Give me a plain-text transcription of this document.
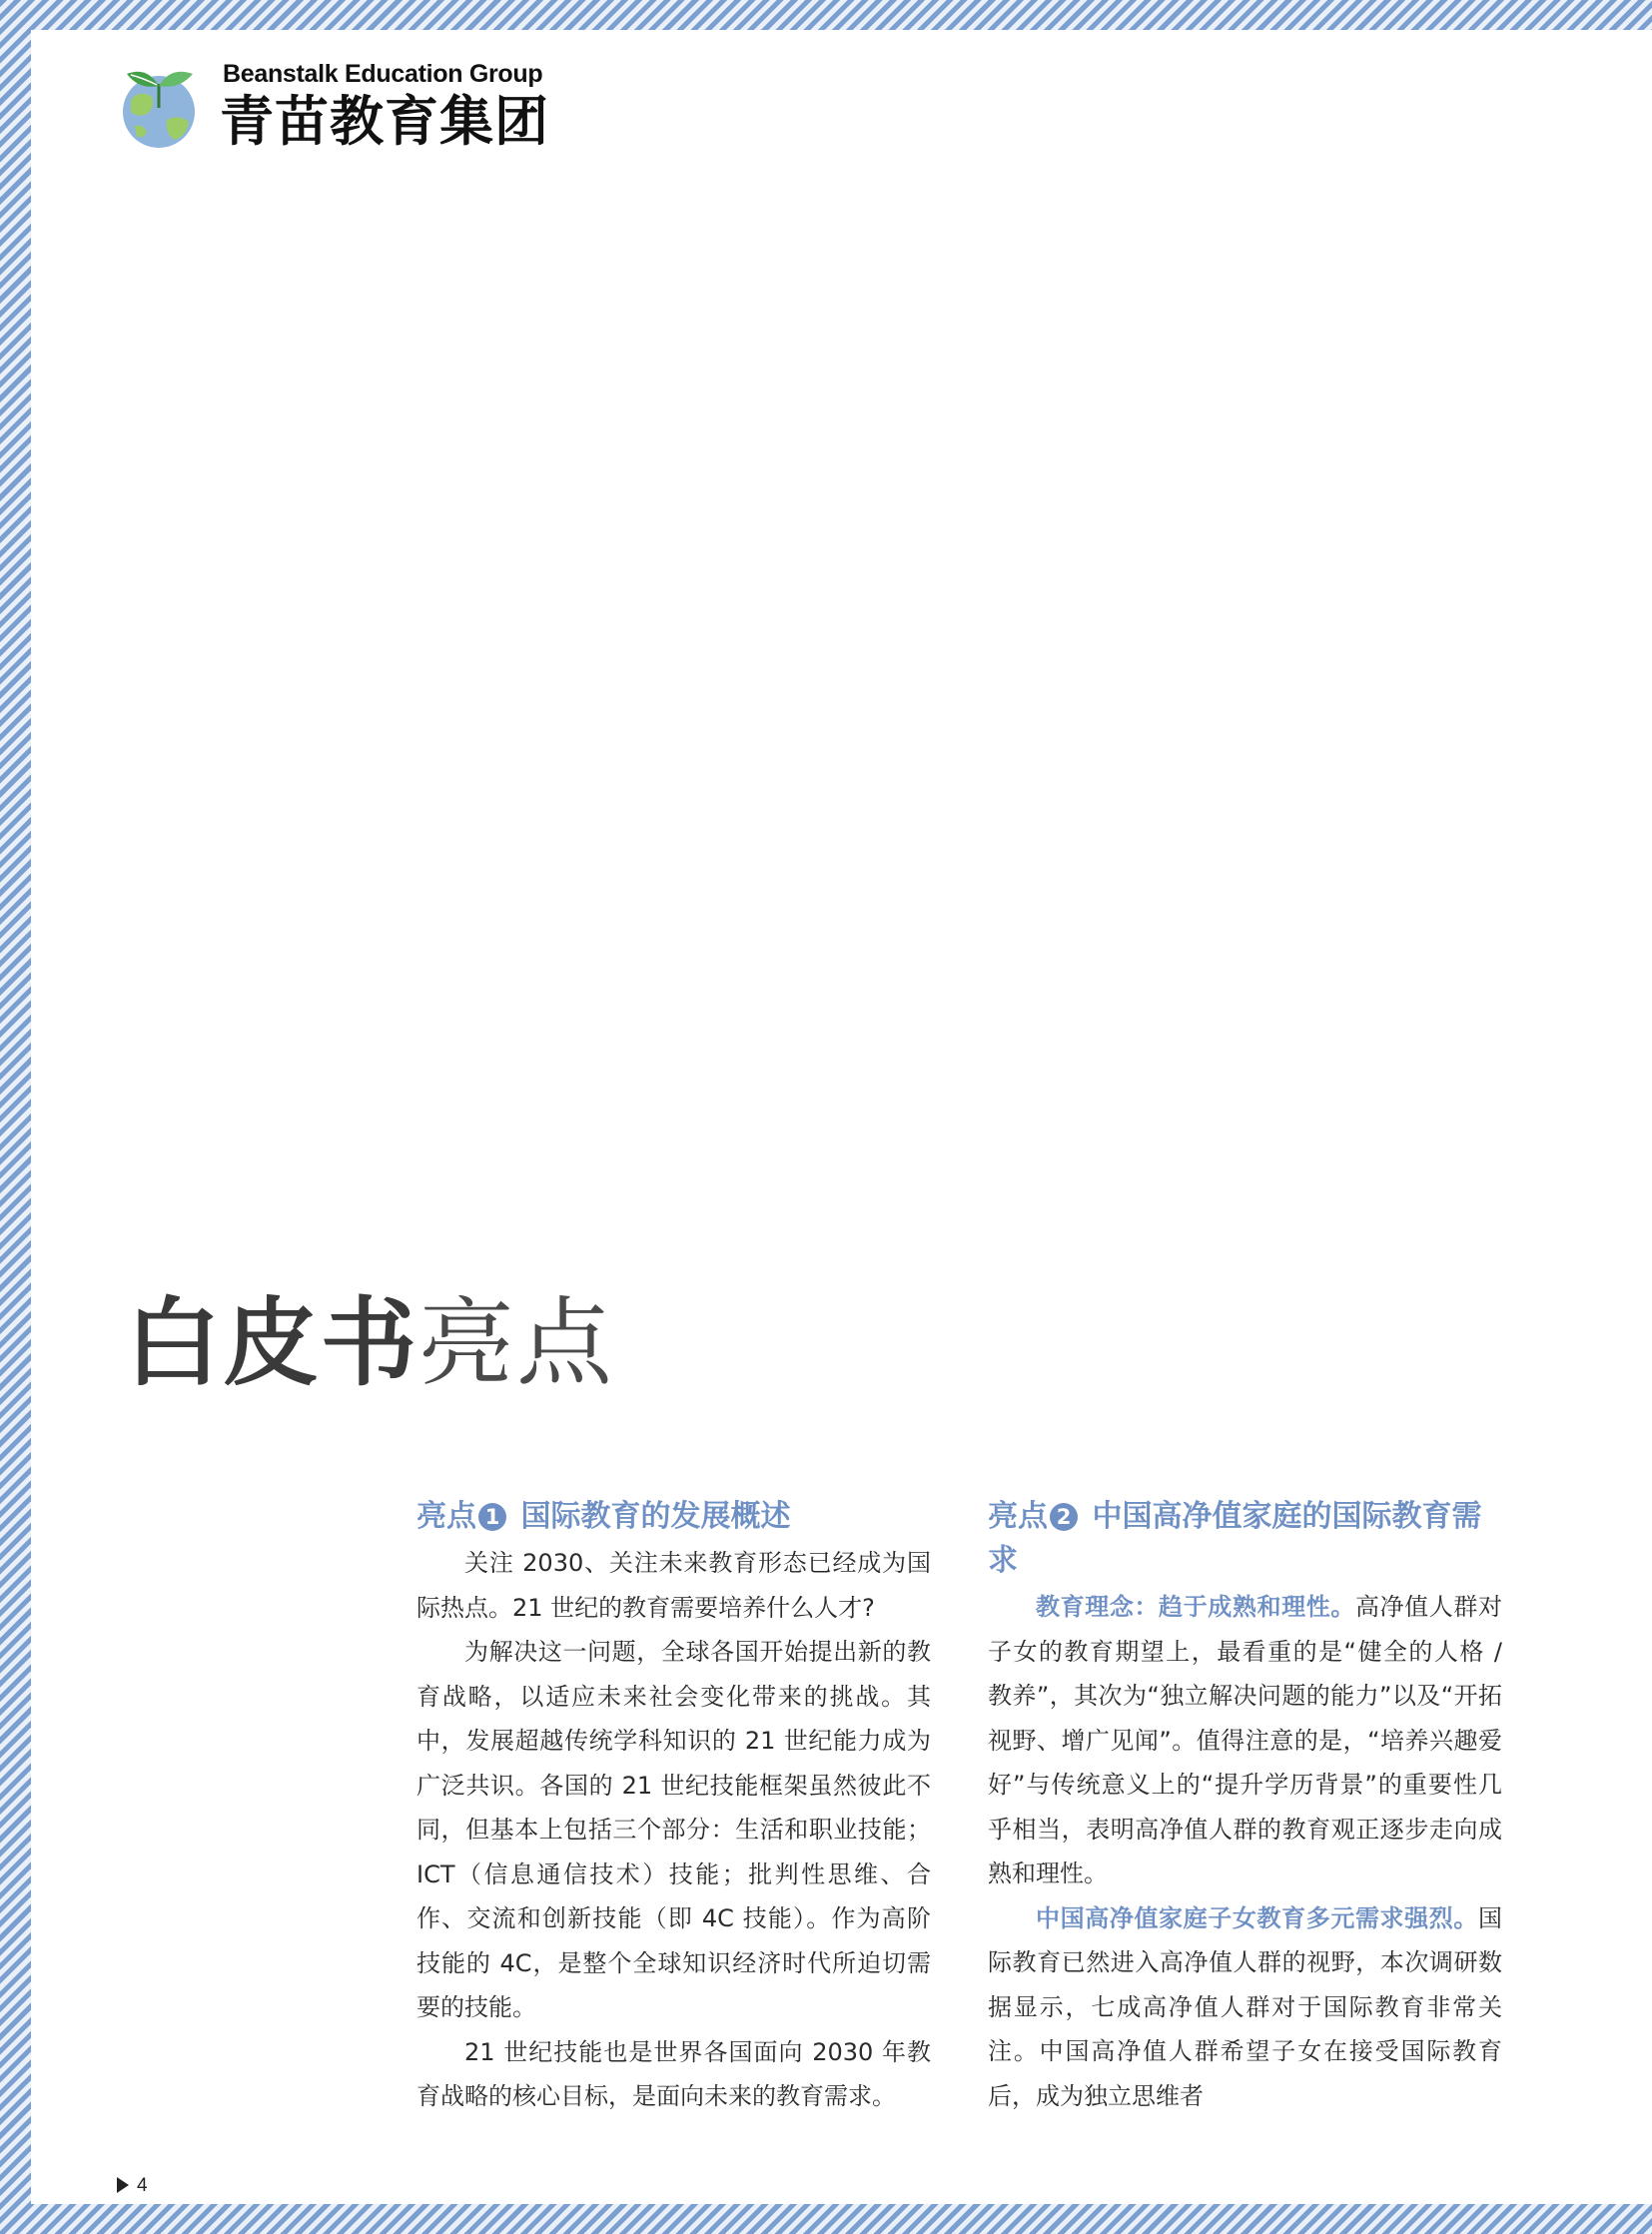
Beanstalk Education Group
青苗教育集团
白皮书亮点
亮点 1 国际教育的发展概述

关注 2030、关注未来教育形态已经成为国际热点。21 世纪的教育需要培养什么人才?

为解决这一问题，全球各国开始提出新的教育战略，以适应未来社会变化带来的挑战。其中，发展超越传统学科知识的 21 世纪能力成为广泛共识。各国的 21 世纪技能框架虽然彼此不同，但基本上包括三个部分：生活和职业技能；ICT（信息通信技术）技能；批判性思维、合作、交流和创新技能（即 4C 技能）。作为高阶技能的 4C，是整个全球知识经济时代所迫切需要的技能。

21 世纪技能也是世界各国面向 2030 年教育战略的核心目标，是面向未来的教育需求。

亮点 2 中国高净值家庭的国际教育需求

教育理念：趋于成熟和理性。高净值人群对子女的教育期望上，最看重的是“健全的人格 / 教养”，其次为“独立解决问题的能力”以及“开拓视野、增广见闻”。值得注意的是，“培养兴趣爱好”与传统意义上的“提升学历背景”的重要性几乎相当，表明高净值人群的教育观正逐步走向成熟和理性。

中国高净值家庭子女教育多元需求强烈。国际教育已然进入高净值人群的视野，本次调研数据显示，七成高净值人群对于国际教育非常关注。中国高净值人群希望子女在接受国际教育后，成为独立思维者

4
